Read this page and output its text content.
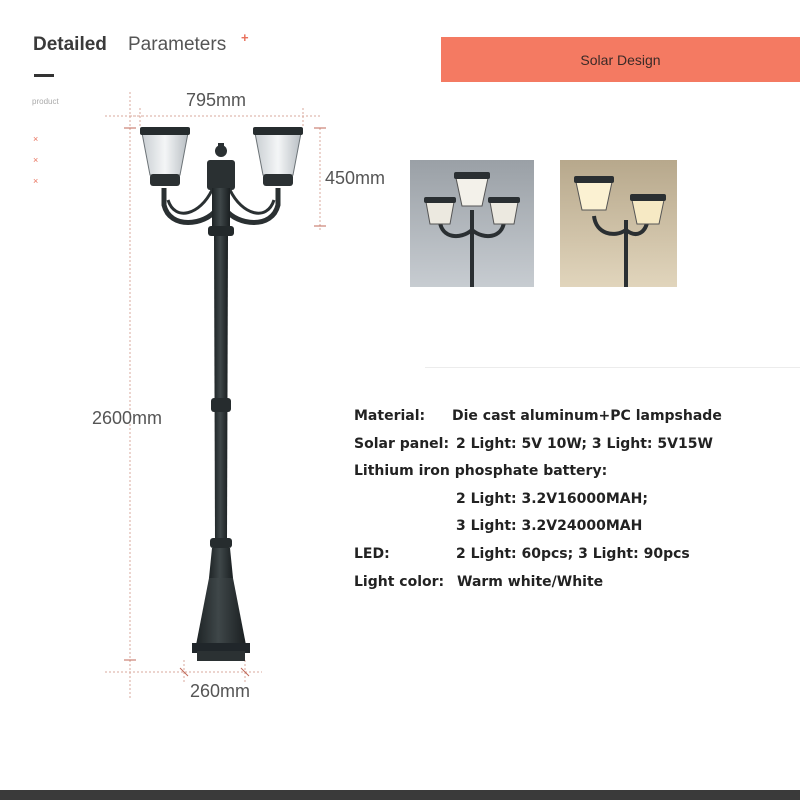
Detailed Parameters +
product
×
×
×
Solar Design
795mm
450mm
2600mm
260mm
Material: Die cast aluminum+PC lampshade
Solar panel: 2 Light: 5V 10W; 3 Light: 5V15W
Lithium iron phosphate battery:
2 Light: 3.2V16000MAH;
3 Light: 3.2V24000MAH
LED:	2 Light: 60pcs; 3 Light: 90pcs
Light color: Warm white/White
